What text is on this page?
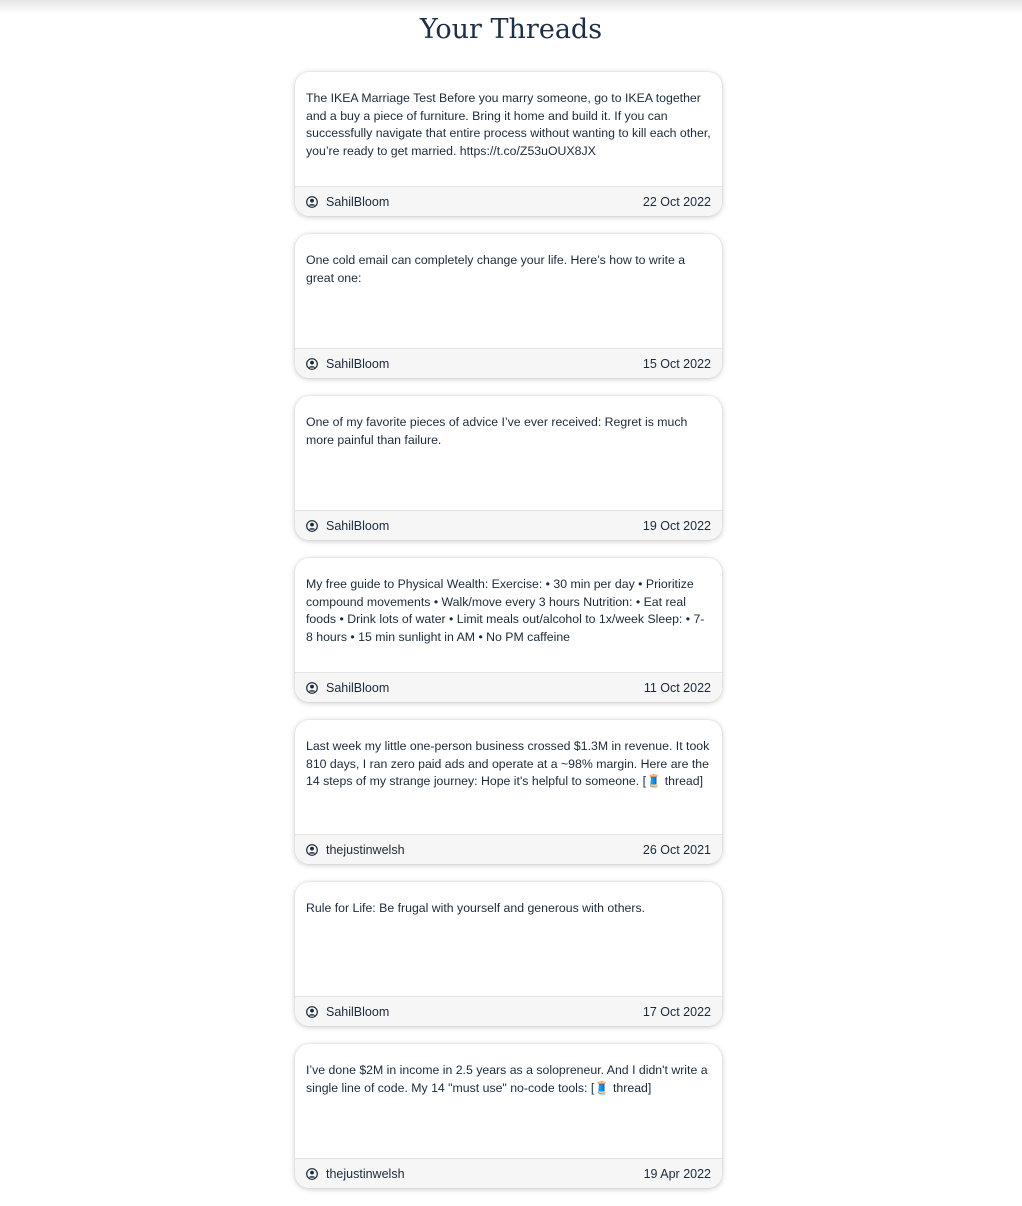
Your Threads
The IKEA Marriage Test Before you marry someone, go to IKEA together and a buy a piece of furniture. Bring it home and build it. If you can successfully navigate that entire process without wanting to kill each other, you’re ready to get married. https://t.co/Z53uOUX8JX
SahilBloom	22 Oct 2022
One cold email can completely change your life. Here’s how to write a great one:
SahilBloom	15 Oct 2022
One of my favorite pieces of advice I’ve ever received: Regret is much more painful than failure.
SahilBloom	19 Oct 2022
My free guide to Physical Wealth: Exercise: • 30 min per day • Prioritize compound movements • Walk/move every 3 hours Nutrition: • Eat real foods • Drink lots of water • Limit meals out/alcohol to 1x/week Sleep: • 7-8 hours • 15 min sunlight in AM • No PM caffeine
SahilBloom	11 Oct 2022
Last week my little one-person business crossed $1.3M in revenue. It took 810 days, I ran zero paid ads and operate at a ~98% margin. Here are the 14 steps of my strange journey: Hope it's helpful to someone. [🧵 thread]
thejustinwelsh	26 Oct 2021
Rule for Life: Be frugal with yourself and generous with others.
SahilBloom	17 Oct 2022
I’ve done $2M in income in 2.5 years as a solopreneur. And I didn't write a single line of code. My 14 "must use" no-code tools: [🧵 thread]
thejustinwelsh	19 Apr 2022
